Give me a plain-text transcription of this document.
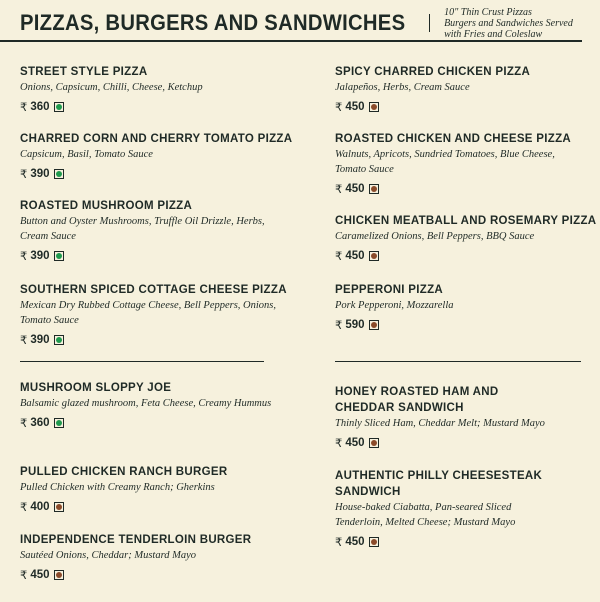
PIZZAS, BURGERS AND SANDWICHES	10" Thin Crust Pizzas
Burgers and Sandwiches Served with Fries and Coleslaw
STREET STYLE PIZZA
Onions, Capsicum, Chilli, Cheese, Ketchup
₹ 360
CHARRED CORN AND CHERRY TOMATO PIZZA
Capsicum, Basil, Tomato Sauce
₹ 390
ROASTED MUSHROOM PIZZA
Button and Oyster Mushrooms, Truffle Oil Drizzle, Herbs, Cream Sauce
₹ 390
SOUTHERN SPICED COTTAGE CHEESE PIZZA
Mexican Dry Rubbed Cottage Cheese, Bell Peppers, Onions, Tomato Sauce
₹ 390
MUSHROOM SLOPPY JOE
Balsamic glazed mushroom, Feta Cheese, Creamy Hummus
₹ 360
PULLED CHICKEN RANCH BURGER
Pulled Chicken with Creamy Ranch; Gherkins
₹ 400
INDEPENDENCE TENDERLOIN BURGER
Sautéed Onions, Cheddar; Mustard Mayo
₹ 450
SPICY CHARRED CHICKEN PIZZA
Jalapeños, Herbs, Cream Sauce
₹ 450
ROASTED CHICKEN AND CHEESE PIZZA
Walnuts, Apricots, Sundried Tomatoes, Blue Cheese, Tomato Sauce
₹ 450
CHICKEN MEATBALL AND ROSEMARY PIZZA
Caramelized Onions, Bell Peppers, BBQ Sauce
₹ 450
PEPPERONI PIZZA
Pork Pepperoni, Mozzarella
₹ 590
HONEY ROASTED HAM AND CHEDDAR SANDWICH
Thinly Sliced Ham, Cheddar Melt; Mustard Mayo
₹ 450
AUTHENTIC PHILLY CHEESESTEAK SANDWICH
House-baked Ciabatta, Pan-seared Sliced Tenderloin, Melted Cheese; Mustard Mayo
₹ 450
